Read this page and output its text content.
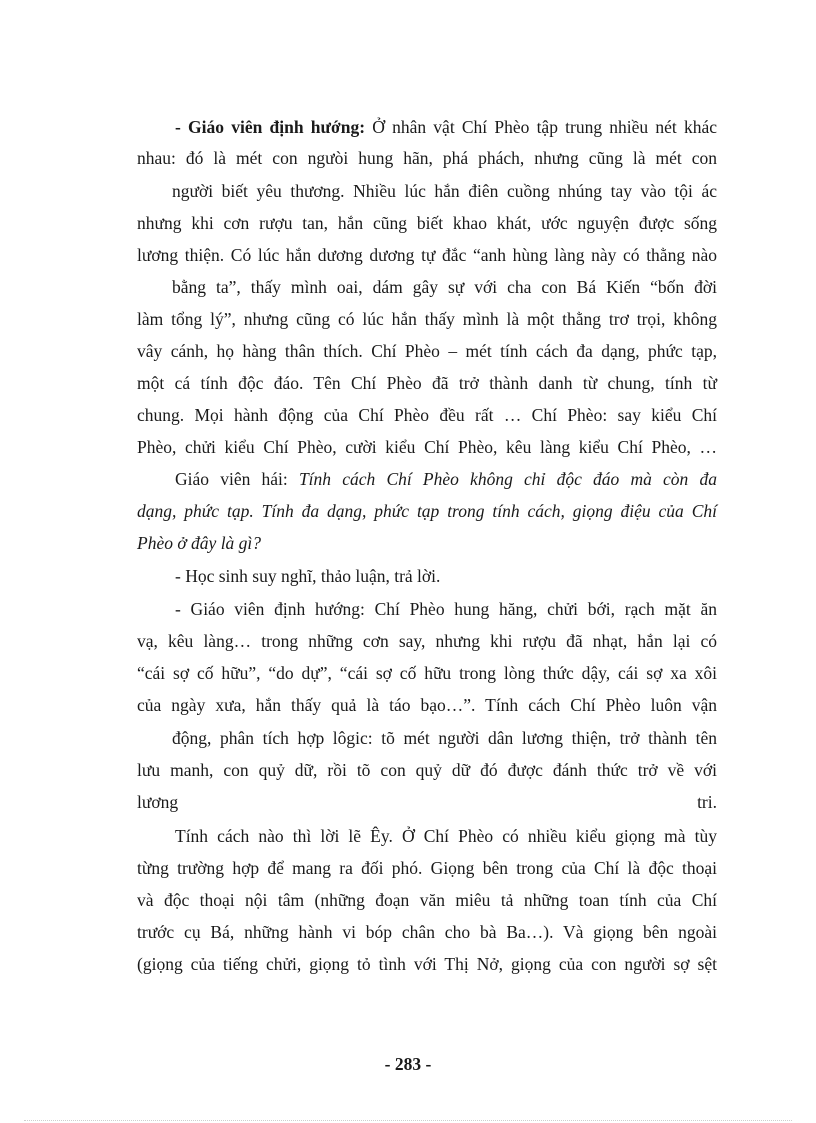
- Giáo viên định hướng: Ở nhân vật Chí Phèo tập trung nhiều nét khác
nhau: đó là mét con ngưòi hung hãn, phá phách, nhưng cũng là mét con
người biết yêu thương. Nhiều lúc hắn điên cuồng nhúng tay vào tội ác
nhưng khi cơn rượu tan, hắn cũng biết khao khát, ước nguyện được sống
lương thiện. Có lúc hắn dương dương tự đắc “anh hùng làng này có thằng nào
bằng ta”, thấy mình oai, dám gây sự với cha con Bá Kiến “bốn đời
làm tổng lý”, nhưng cũng có lúc hắn thấy mình là một thằng trơ trọi, không
vây cánh, họ hàng thân thích. Chí Phèo – mét tính cách đa dạng, phức tạp,
một cá tính độc đáo. Tên Chí Phèo đã trở thành danh từ chung, tính từ
chung. Mọi hành động của Chí Phèo đều rất … Chí Phèo: say kiểu Chí
Phèo, chửi kiểu Chí Phèo, cười kiểu Chí Phèo, kêu làng kiểu Chí Phèo, …
Giáo viên hái: Tính cách Chí Phèo không chỉ độc đáo mà còn đa
dạng, phức tạp. Tính đa dạng, phức tạp trong tính cách, giọng điệu của Chí
Phèo ở đây là gì?
- Học sinh suy nghĩ, thảo luận, trả lời.
- Giáo viên định hướng: Chí Phèo hung hăng, chửi bới, rạch mặt ăn
vạ, kêu làng… trong những cơn say, nhưng khi rượu đã nhạt, hắn lại có
“cái sợ cố hữu”, “do dự”, “cái sợ cố hữu trong lòng thức dậy, cái sợ xa xôi
của ngày xưa, hắn thấy quả là táo bạo…”. Tính cách Chí Phèo luôn vận
động, phân tích hợp lôgic: tõ mét người dân lương thiện, trở thành tên
lưu manh, con quỷ dữ, rồi tõ con quỷ dữ đó được đánh thức trở về với
lương	tri.
Tính cách nào thì lời lẽ Êy. Ở Chí Phèo có nhiều kiểu giọng mà tùy
từng trường hợp để mang ra đối phó. Giọng bên trong của Chí là độc thoại
và độc thoại nội tâm (những đoạn văn miêu tả những toan tính của Chí
trước cụ Bá, những hành vi bóp chân cho bà Ba…). Và giọng bên ngoài
(giọng của tiếng chửi, giọng tỏ tình với Thị Nở, giọng của con người sợ sệt
- 283 -
